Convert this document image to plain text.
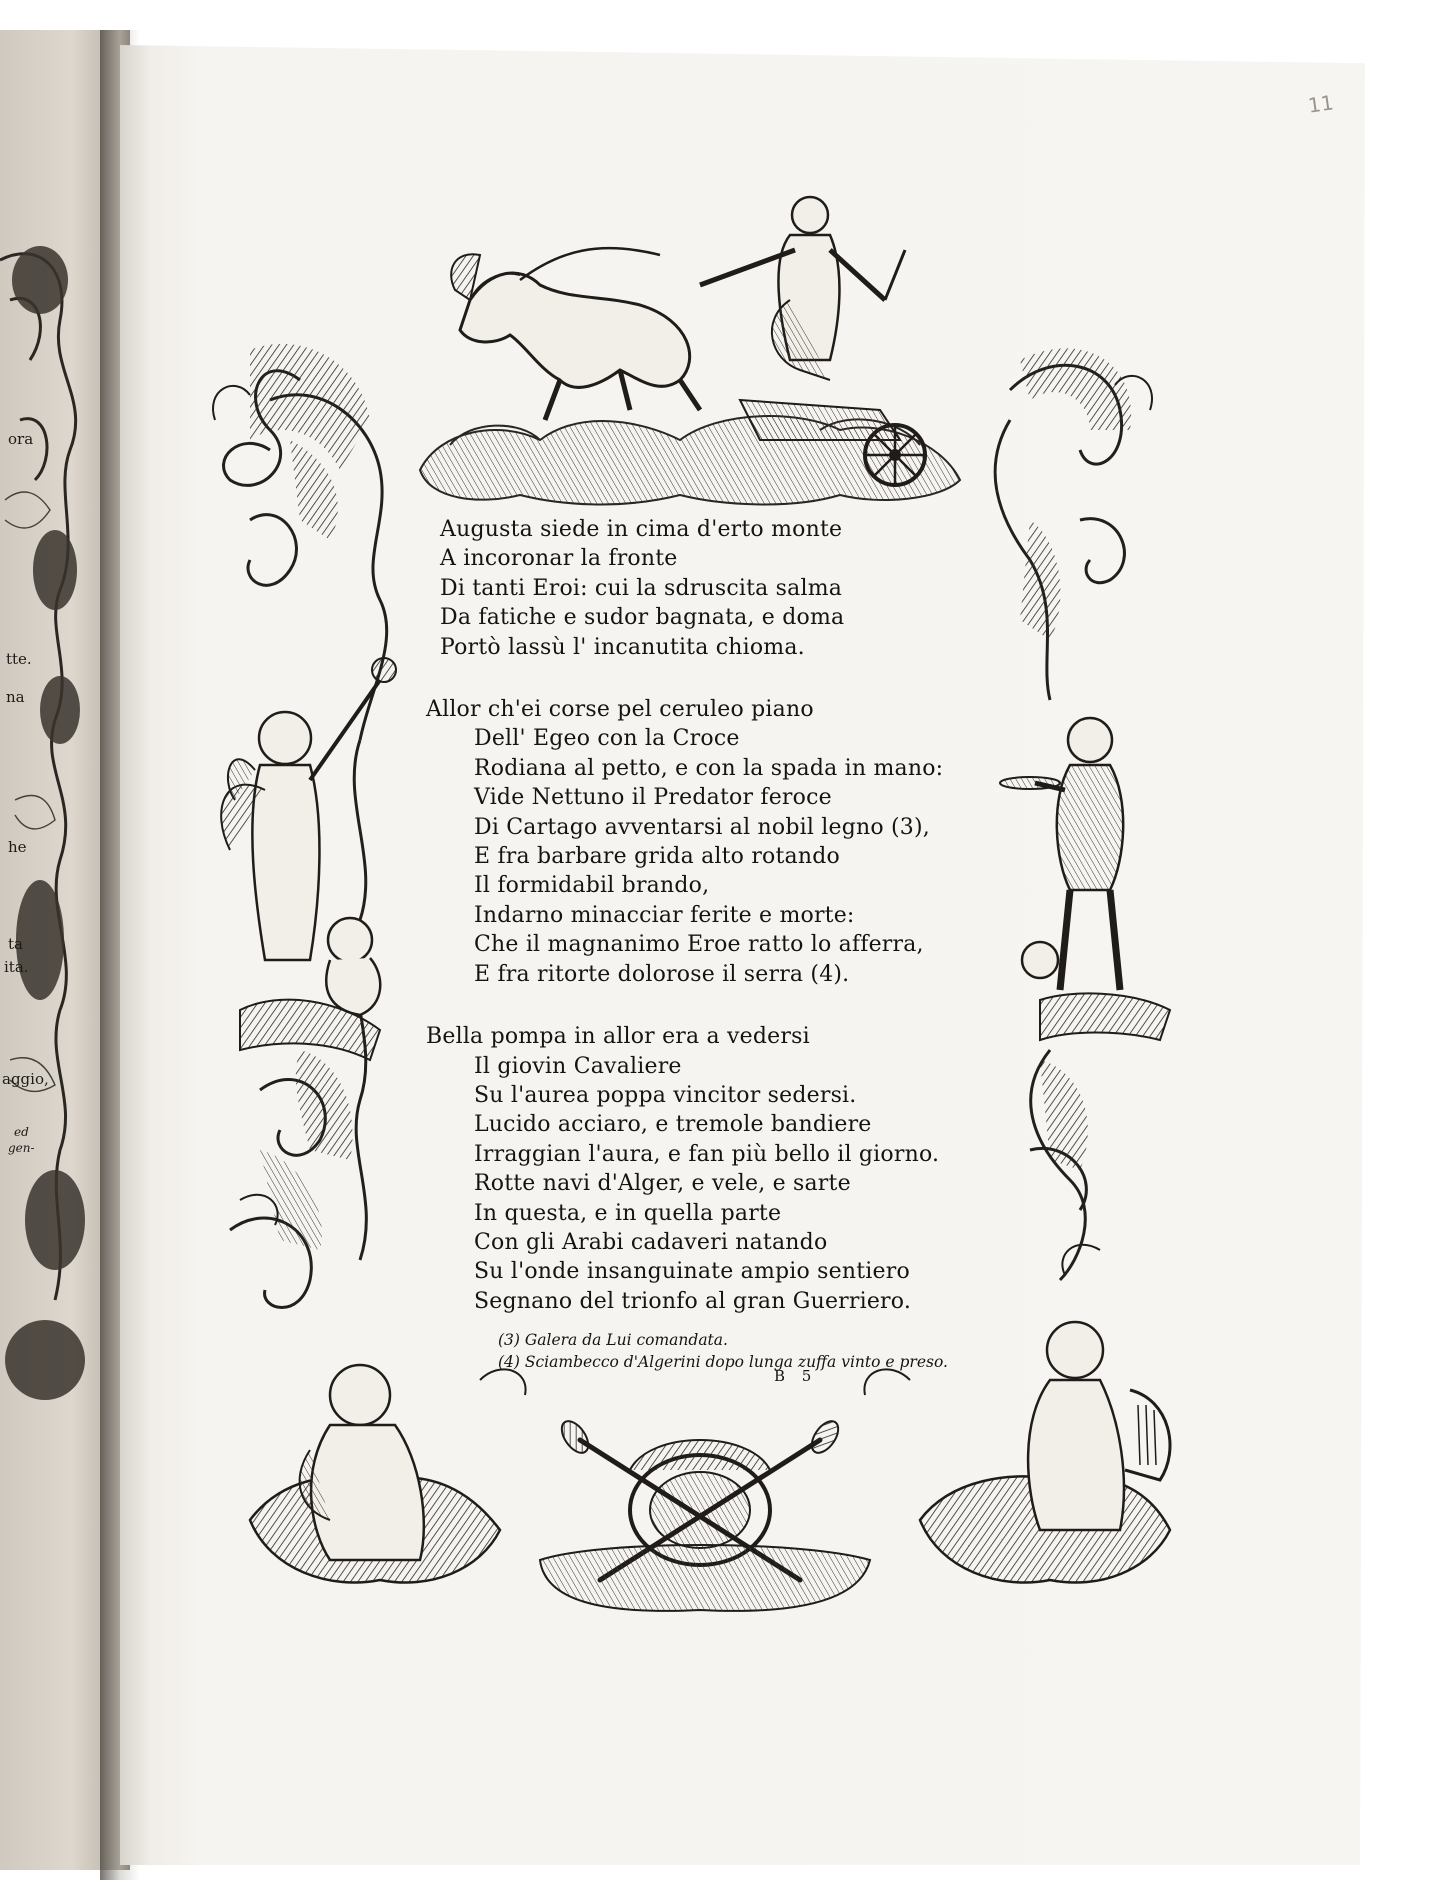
ora
tte.
na
he
ta
ita.
aggio,
ed
gen-
11
Augusta siede in cima d'erto monte
A incoronar la fronte
Di tanti Eroi: cui la sdruscita salma
Da fatiche e sudor bagnata, e doma
Portò lassù l' incanutita chioma.
Allor ch'ei corse pel ceruleo piano
Dell' Egeo con la Croce
Rodiana al petto, e con la spada in mano:
Vide Nettuno il Predator feroce
Di Cartago avventarsi al nobil legno (3),
E fra barbare grida alto rotando
Il formidabil brando,
Indarno minacciar ferite e morte:
Che il magnanimo Eroe ratto lo afferra,
E fra ritorte dolorose il serra (4).
Bella pompa in allor era a vedersi
Il giovin Cavaliere
Su l'aurea poppa vincitor sedersi.
Lucido acciaro, e tremole bandiere
Irraggian l'aura, e fan più bello il giorno.
Rotte navi d'Alger, e vele, e sarte
In questa, e in quella parte
Con gli Arabi cadaveri natando
Su l'onde insanguinate ampio sentiero
Segnano del trionfo al gran Guerriero.
(3) Galera da Lui comandata.
(4) Sciambecco d'Algerini dopo lunga zuffa vinto e preso.
B 5
